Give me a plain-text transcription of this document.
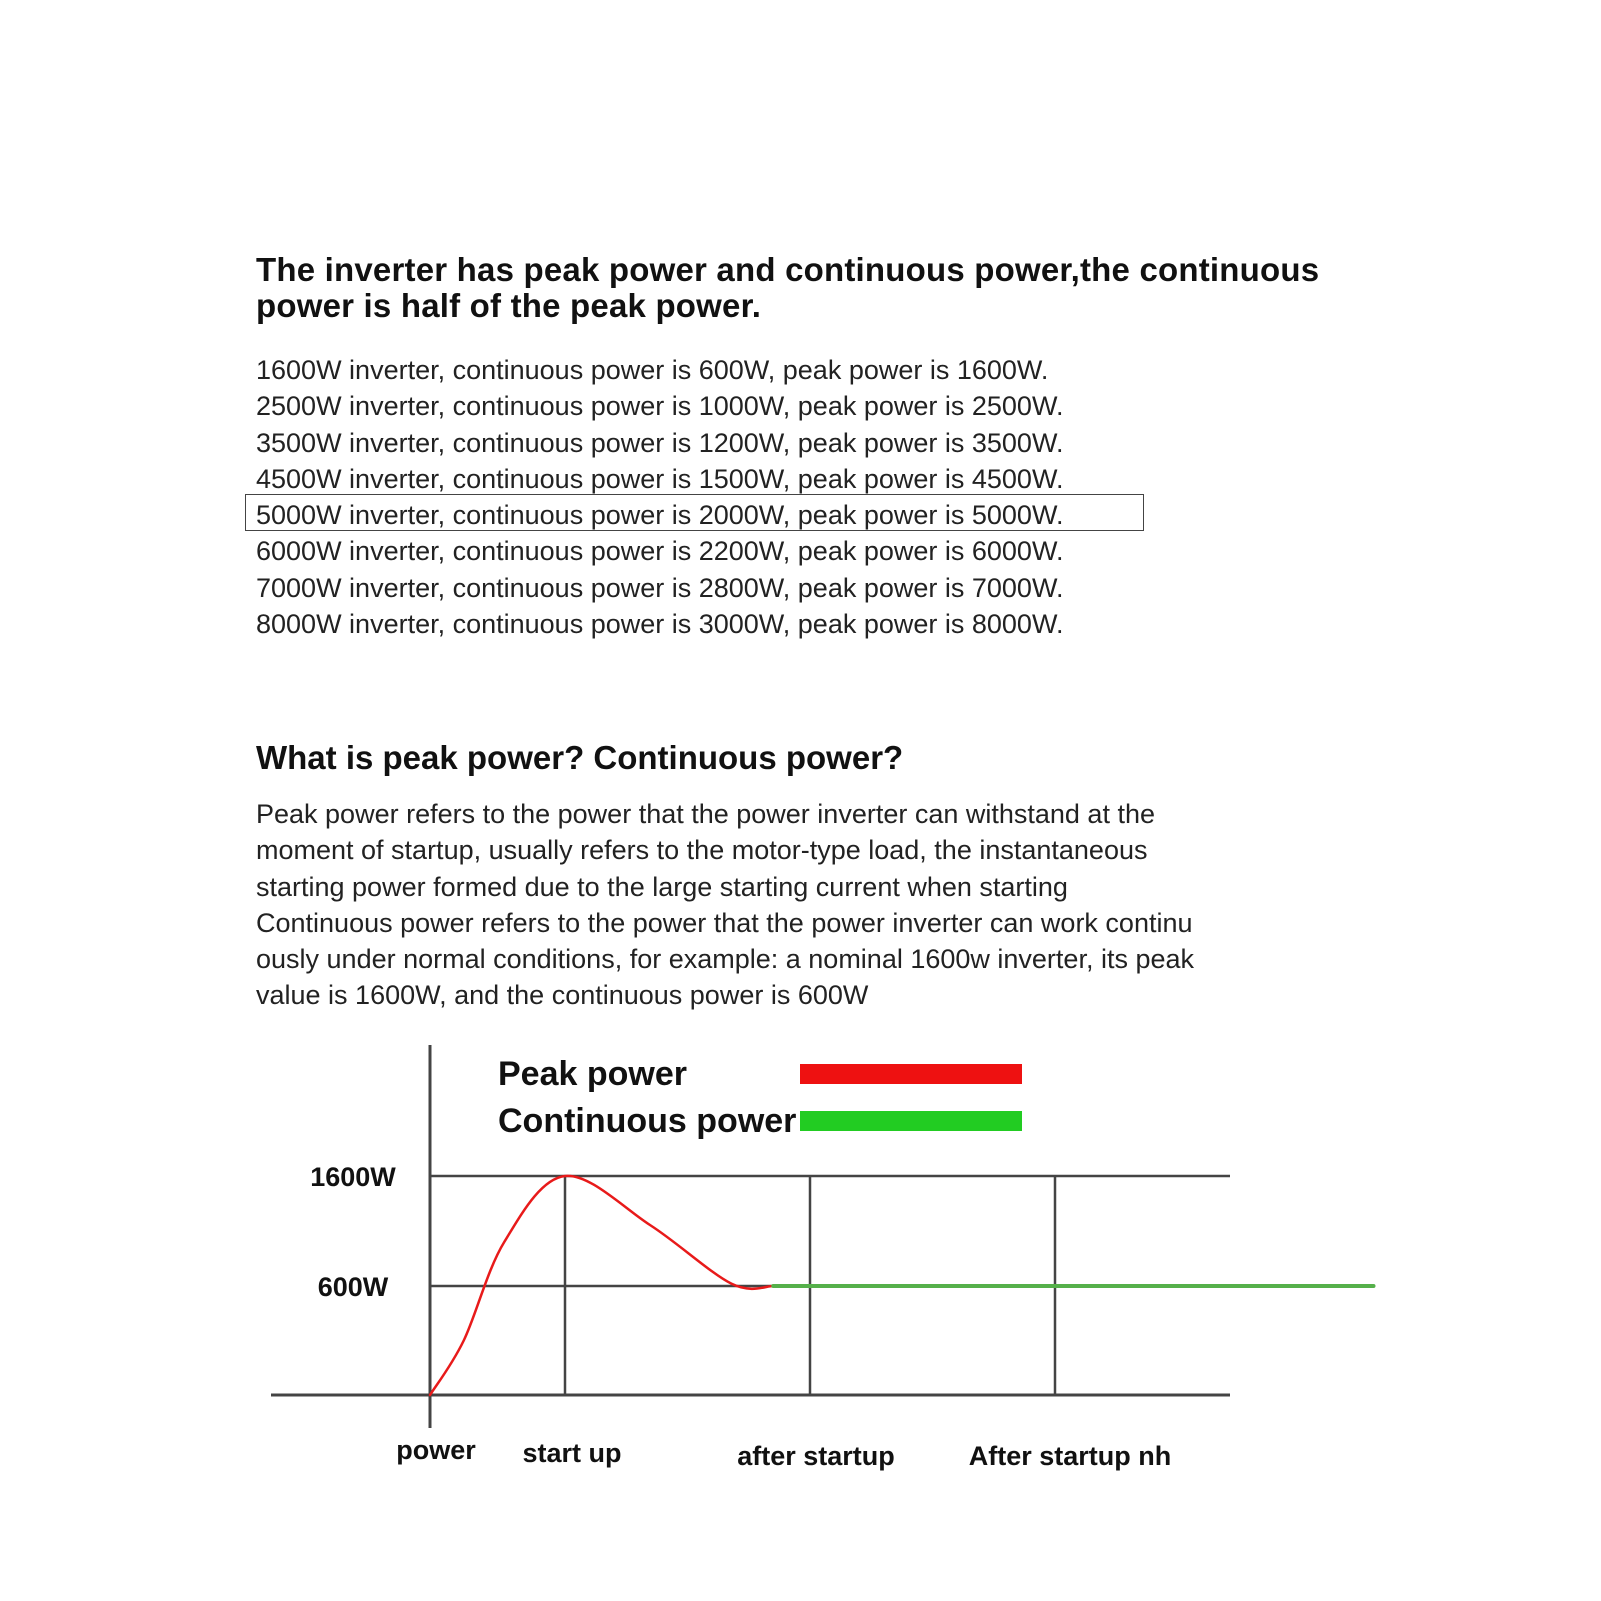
The inverter has peak power and continuous power,the continuous power is half of the peak power.
1600W inverter, continuous power is 600W, peak power is 1600W.
2500W inverter, continuous power is 1000W, peak power is 2500W.
3500W inverter, continuous power is 1200W, peak power is 3500W.
4500W inverter, continuous power is 1500W, peak power is 4500W.
5000W inverter, continuous power is 2000W, peak power is 5000W.
6000W inverter, continuous power is 2200W, peak power is 6000W.
7000W inverter, continuous power is 2800W, peak power is 7000W.
8000W inverter, continuous power is 3000W, peak power is 8000W.
What is peak power? Continuous power?
Peak power refers to the power that the power inverter can withstand at the
moment of startup, usually refers to the motor-type load, the instantaneous
starting power formed due to the large starting current when starting
Continuous power refers to the power that the power inverter can work continu
ously under normal conditions, for example: a nominal 1600w inverter, its peak
value is 1600W, and the continuous power is 600W
1600W
600W
power start up	after startup	After startup nh
Peak power
Continuous power
